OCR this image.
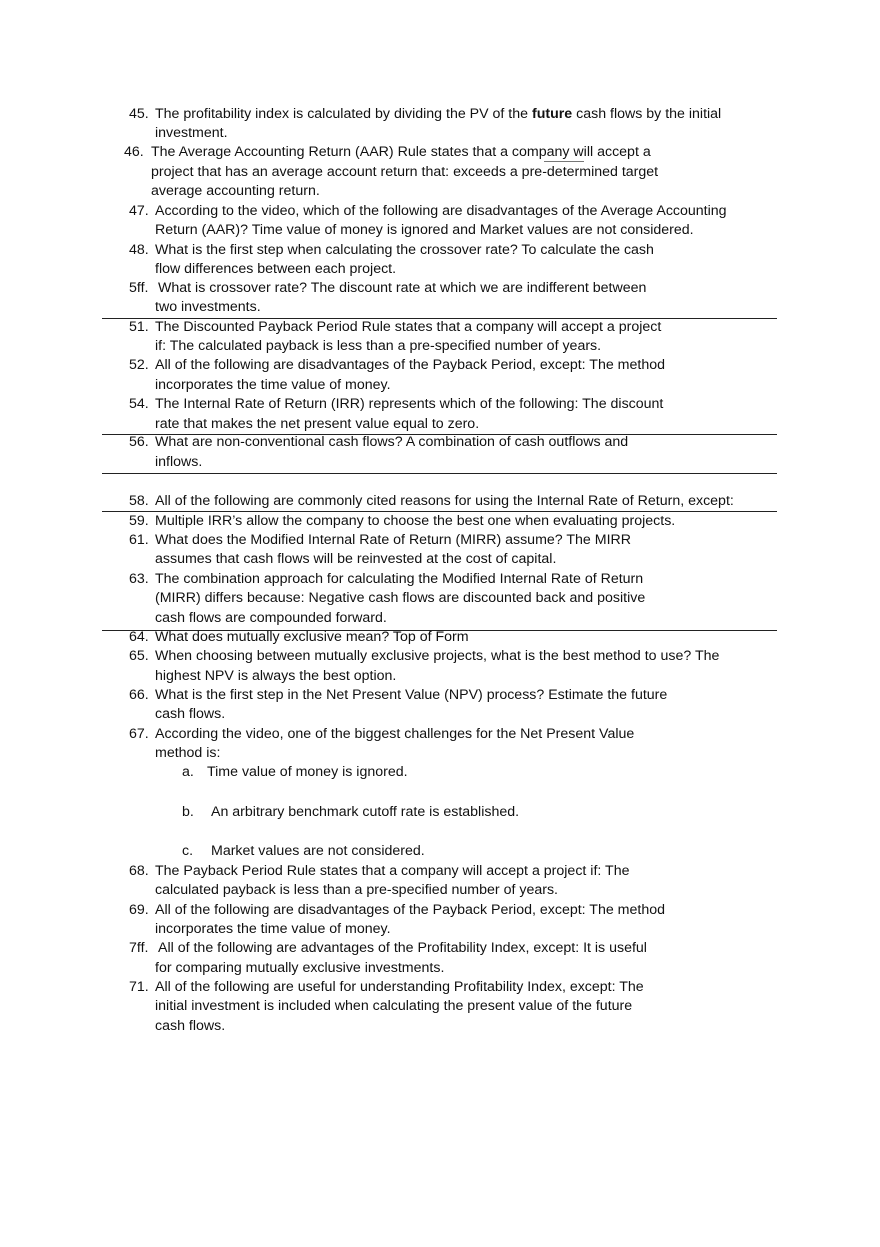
45. The profitability index is calculated by dividing the PV of the future cash flows by the initial
investment.
46. The Average Accounting Return (AAR) Rule states that a company will accept a
project that has an average account return that: exceeds a pre-determined target
average accounting return.
47. According to the video, which of the following are disadvantages of the Average Accounting
Return (AAR)? Time value of money is ignored and Market values are not considered.
48. What is the first step when calculating the crossover rate? To calculate the cash
flow differences between each project.
5ff. What is crossover rate? The discount rate at which we are indifferent between
two investments.
51. The Discounted Payback Period Rule states that a company will accept a project
if: The calculated payback is less than a pre-specified number of years.
52. All of the following are disadvantages of the Payback Period, except: The method
incorporates the time value of money.
54. The Internal Rate of Return (IRR) represents which of the following: The discount
rate that makes the net present value equal to zero.
56. What are non-conventional cash flows? A combination of cash outflows and
inflows.
58. All of the following are commonly cited reasons for using the Internal Rate of Return, except:
59. Multiple IRR’s allow the company to choose the best one when evaluating projects.
61. What does the Modified Internal Rate of Return (MIRR) assume? The MIRR
assumes that cash flows will be reinvested at the cost of capital.
63. The combination approach for calculating the Modified Internal Rate of Return
(MIRR) differs because: Negative cash flows are discounted back and positive
cash flows are compounded forward.
64. What does mutually exclusive mean? Top of Form
65. When choosing between mutually exclusive projects, what is the best method to use? The
highest NPV is always the best option.
66. What is the first step in the Net Present Value (NPV) process? Estimate the future
cash flows.
67. According the video, one of the biggest challenges for the Net Present Value
method is:
a. Time value of money is ignored.
b. An arbitrary benchmark cutoff rate is established.
c. Market values are not considered.
68. The Payback Period Rule states that a company will accept a project if: The
calculated payback is less than a pre-specified number of years.
69. All of the following are disadvantages of the Payback Period, except: The method
incorporates the time value of money.
7ff. All of the following are advantages of the Profitability Index, except: It is useful
for comparing mutually exclusive investments.
71. All of the following are useful for understanding Profitability Index, except: The
initial investment is included when calculating the present value of the future
cash flows.
